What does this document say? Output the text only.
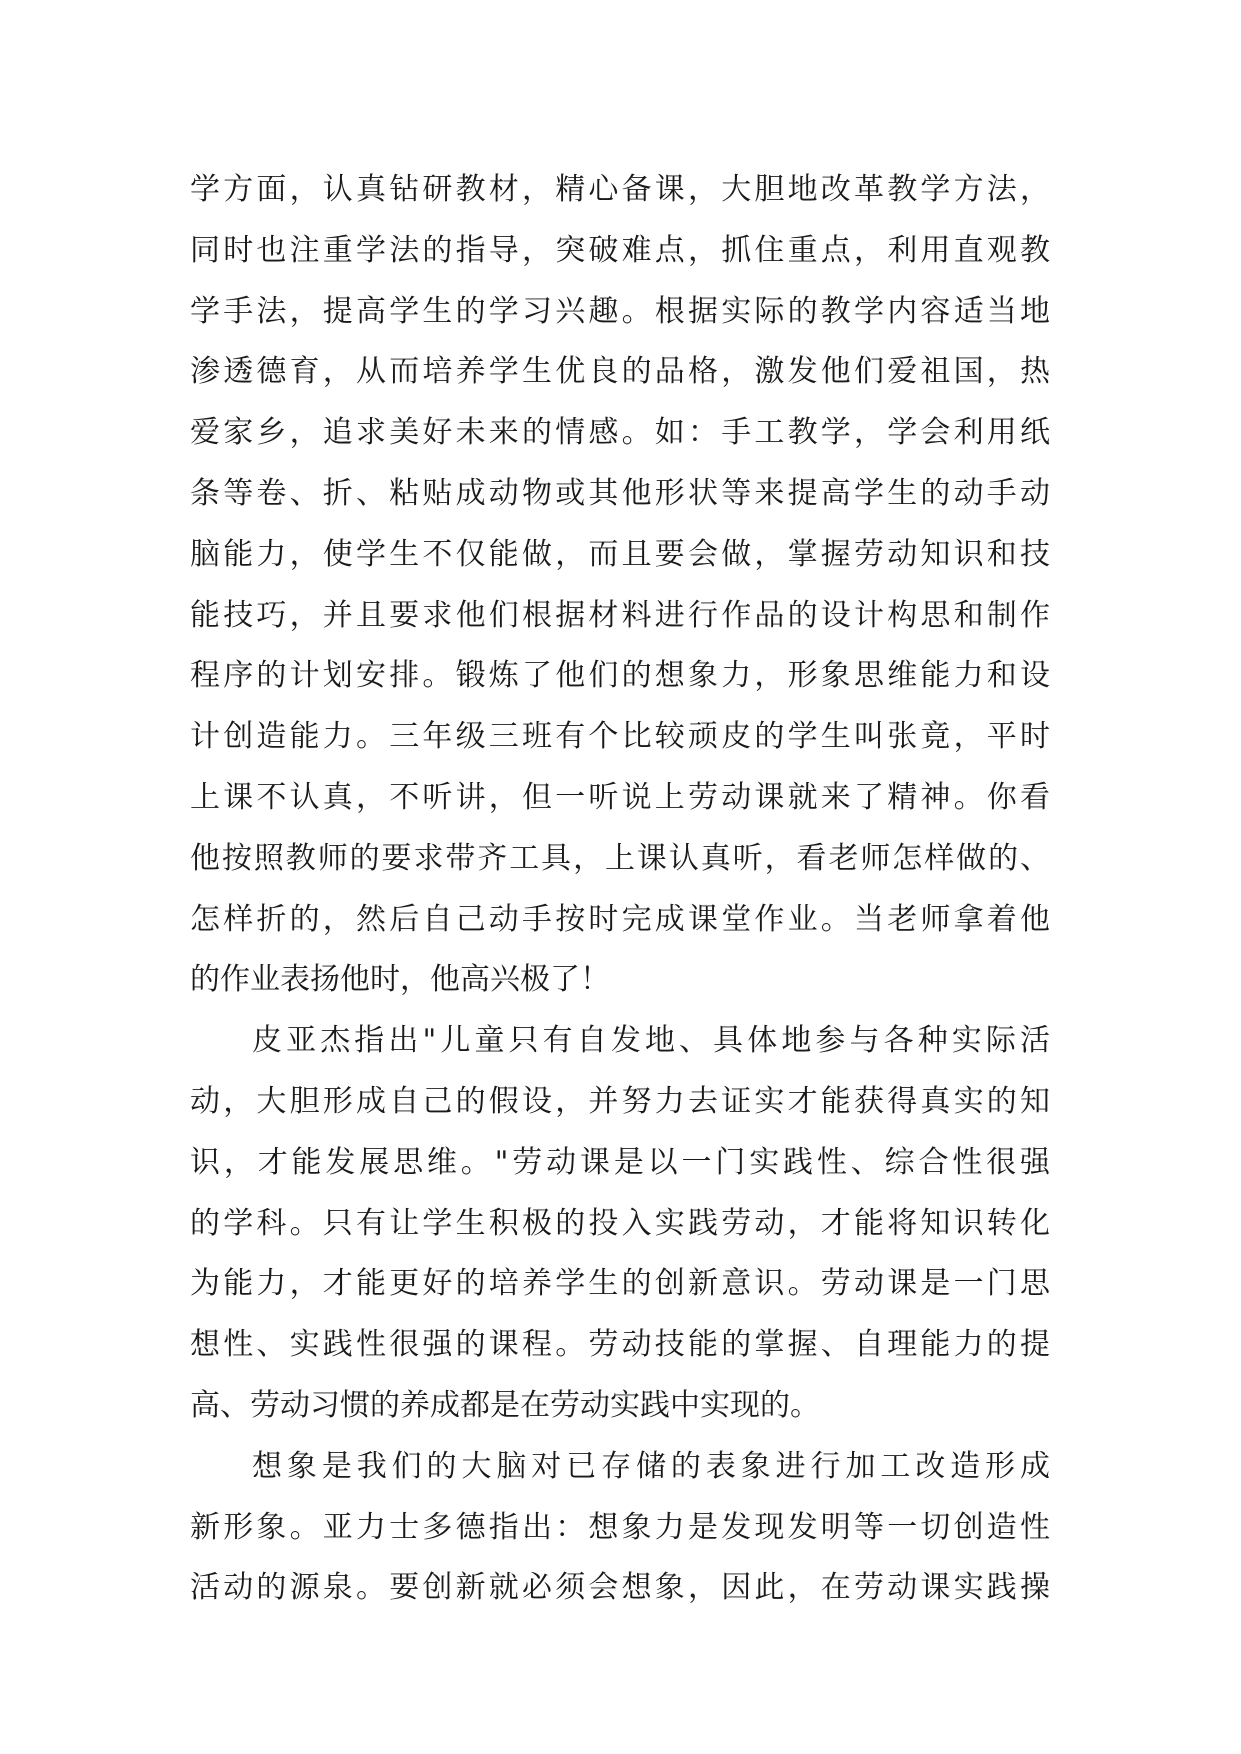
学方面，认真钻研教材，精心备课，大胆地改革教学方法，
同时也注重学法的指导，突破难点，抓住重点，利用直观教
学手法，提高学生的学习兴趣。根据实际的教学内容适当地
渗透德育，从而培养学生优良的品格，激发他们爱祖国，热
爱家乡，追求美好未来的情感。如：手工教学，学会利用纸
条等卷、折、粘贴成动物或其他形状等来提高学生的动手动
脑能力，使学生不仅能做，而且要会做，掌握劳动知识和技
能技巧，并且要求他们根据材料进行作品的设计构思和制作
程序的计划安排。锻炼了他们的想象力，形象思维能力和设
计创造能力。三年级三班有个比较顽皮的学生叫张竟，平时
上课不认真，不听讲，但一听说上劳动课就来了精神。你看
他按照教师的要求带齐工具，上课认真听，看老师怎样做的、
怎样折的，然后自己动手按时完成课堂作业。当老师拿着他
的作业表扬他时，他高兴极了！
皮亚杰指出"儿童只有自发地、具体地参与各种实际活
动，大胆形成自己的假设，并努力去证实才能获得真实的知
识，才能发展思维。"劳动课是以一门实践性、综合性很强
的学科。只有让学生积极的投入实践劳动，才能将知识转化
为能力，才能更好的培养学生的创新意识。劳动课是一门思
想性、实践性很强的课程。劳动技能的掌握、自理能力的提
高、劳动习惯的养成都是在劳动实践中实现的。
想象是我们的大脑对已存储的表象进行加工改造形成
新形象。亚力士多德指出：想象力是发现发明等一切创造性
活动的源泉。要创新就必须会想象，因此，在劳动课实践操
